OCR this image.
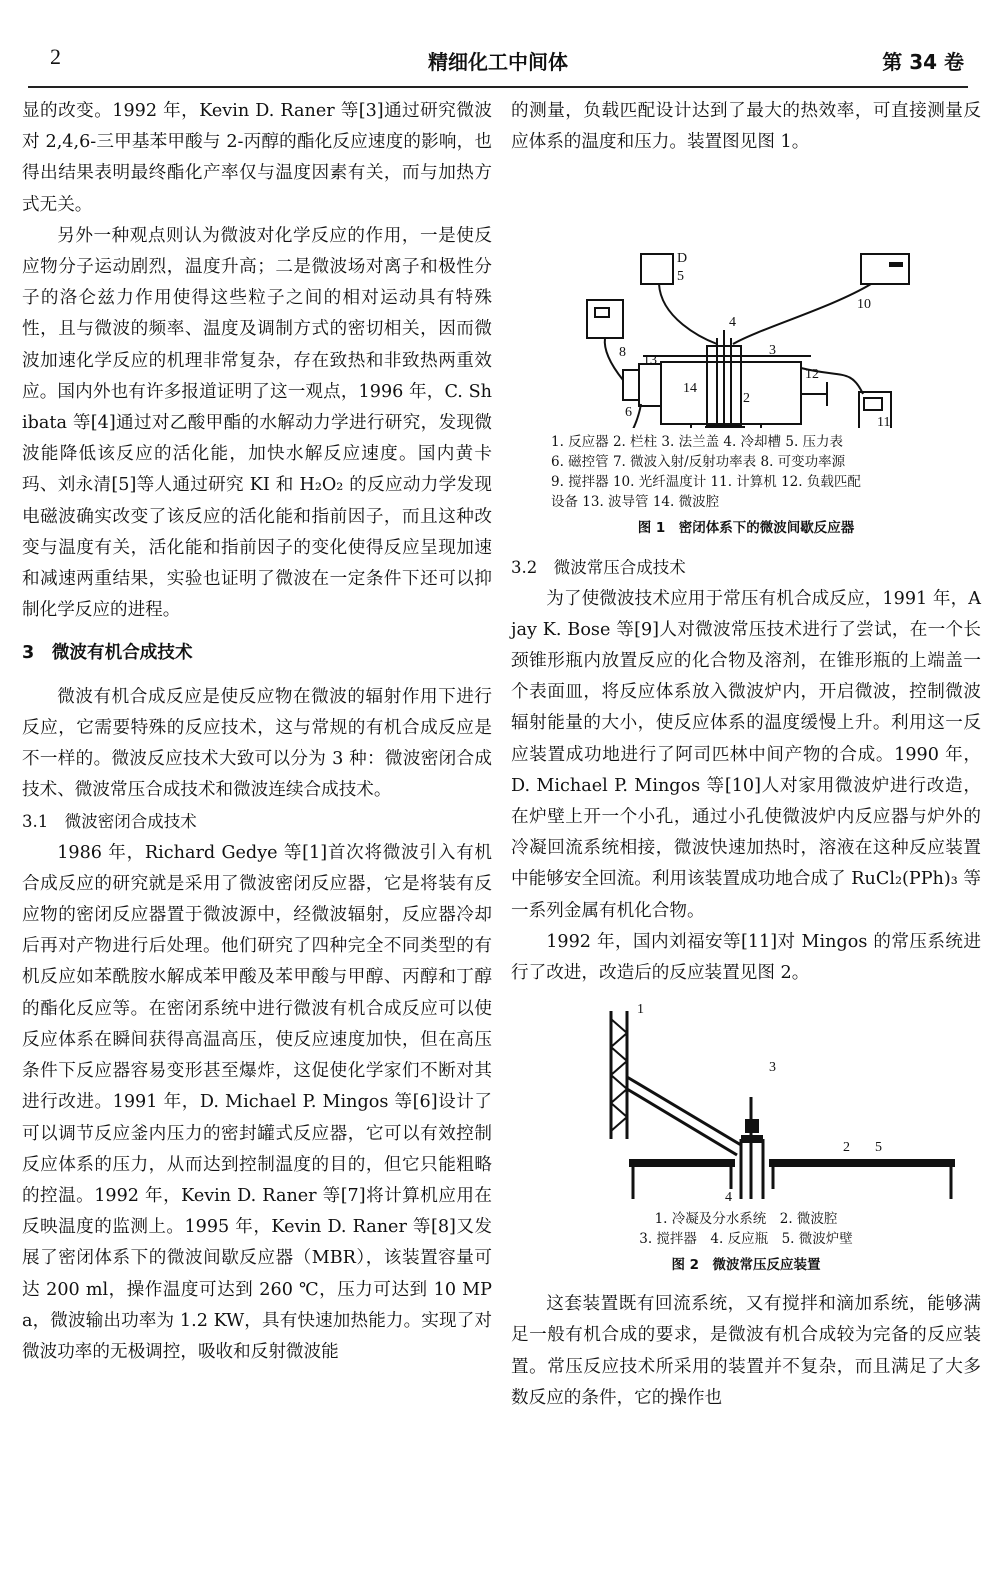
2	精细化工中间体	第 34 卷

显的改变。1992 年，Kevin D. Raner 等[3]通过研究微波对 2,4,6-三甲基苯甲酸与 2-丙醇的酯化反应速度的影响，也得出结果表明最终酯化产率仅与温度因素有关，而与加热方式无关。

另外一种观点则认为微波对化学反应的作用，一是使反应物分子运动剧烈，温度升高；二是微波场对离子和极性分子的洛仑兹力作用使得这些粒子之间的相对运动具有特殊性，且与微波的频率、温度及调制方式的密切相关，因而微波加速化学反应的机理非常复杂，存在致热和非致热两重效应。国内外也有许多报道证明了这一观点，1996 年，C. Shibata 等[4]通过对乙酸甲酯的水解动力学进行研究，发现微波能降低该反应的活化能，加快水解反应速度。国内黄卡玛、刘永清[5]等人通过研究 KI 和 H₂O₂ 的反应动力学发现电磁波确实改变了该反应的活化能和指前因子，而且这种改变与温度有关，活化能和指前因子的变化使得反应呈现加速和减速两重结果，实验也证明了微波在一定条件下还可以抑制化学反应的进程。

3　微波有机合成技术

微波有机合成反应是使反应物在微波的辐射作用下进行反应，它需要特殊的反应技术，这与常规的有机合成反应是不一样的。微波反应技术大致可以分为 3 种：微波密闭合成技术、微波常压合成技术和微波连续合成技术。

3.1　微波密闭合成技术

1986 年，Richard Gedye 等[1]首次将微波引入有机合成反应的研究就是采用了微波密闭反应器，它是将装有反应物的密闭反应器置于微波源中，经微波辐射，反应器冷却后再对产物进行后处理。他们研究了四种完全不同类型的有机反应如苯酰胺水解成苯甲酸及苯甲酸与甲醇、丙醇和丁醇的酯化反应等。在密闭系统中进行微波有机合成反应可以使反应体系在瞬间获得高温高压，使反应速度加快，但在高压条件下反应器容易变形甚至爆炸，这促使化学家们不断对其进行改进。1991 年，D. Michael P. Mingos 等[6]设计了可以调节反应釜内压力的密封罐式反应器，它可以有效控制反应体系的压力，从而达到控制温度的目的，但它只能粗略的控温。1992 年，Kevin D. Raner 等[7]将计算机应用在反映温度的监测上。1995 年，Kevin D. Raner 等[8]又发展了密闭体系下的微波间歇反应器（MBR），该装置容量可达 200 ml，操作温度可达到 260 ℃，压力可达到 10 MPa，微波输出功率为 1.2 KW，具有快速加热能力。实现了对微波功率的无极调控，吸收和反射微波能

的测量，负载匹配设计达到了最大的热效率，可直接测量反应体系的温度和压力。装置图见图 1。

D
5
10
4
3
8
13
12
14
2
6
11

1. 反应器 2. 栏柱 3. 法兰盖 4. 冷却槽 5. 压力表

6. 磁控管 7. 微波入射/反射功率表 8. 可变功率源

9. 搅拌器 10. 光纤温度计 11. 计算机 12. 负载匹配

设备 13. 波导管 14. 微波腔

图 1　密闭体系下的微波间歇反应器

3.2　微波常压合成技术

为了使微波技术应用于常压有机合成反应，1991 年，Ajay K. Bose 等[9]人对微波常压技术进行了尝试，在一个长颈锥形瓶内放置反应的化合物及溶剂，在锥形瓶的上端盖一个表面皿，将反应体系放入微波炉内，开启微波，控制微波辐射能量的大小，使反应体系的温度缓慢上升。利用这一反应装置成功地进行了阿司匹林中间产物的合成。1990 年，D. Michael P. Mingos 等[10]人对家用微波炉进行改造，在炉壁上开一个小孔，通过小孔使微波炉内反应器与炉外的冷凝回流系统相接，微波快速加热时，溶液在这种反应装置中能够安全回流。利用该装置成功地合成了 RuCl₂(PPh)₃ 等一系列金属有机化合物。

1992 年，国内刘福安等[11]对 Mingos 的常压系统进行了改进，改造后的反应装置见图 2。

1
3
2 5
4

1. 冷凝及分水系统　2. 微波腔

3. 搅拌器　4. 反应瓶　5. 微波炉壁

图 2　微波常压反应装置

这套装置既有回流系统，又有搅拌和滴加系统，能够满足一般有机合成的要求，是微波有机合成较为完备的反应装置。常压反应技术所采用的装置并不复杂，而且满足了大多数反应的条件，它的操作也
